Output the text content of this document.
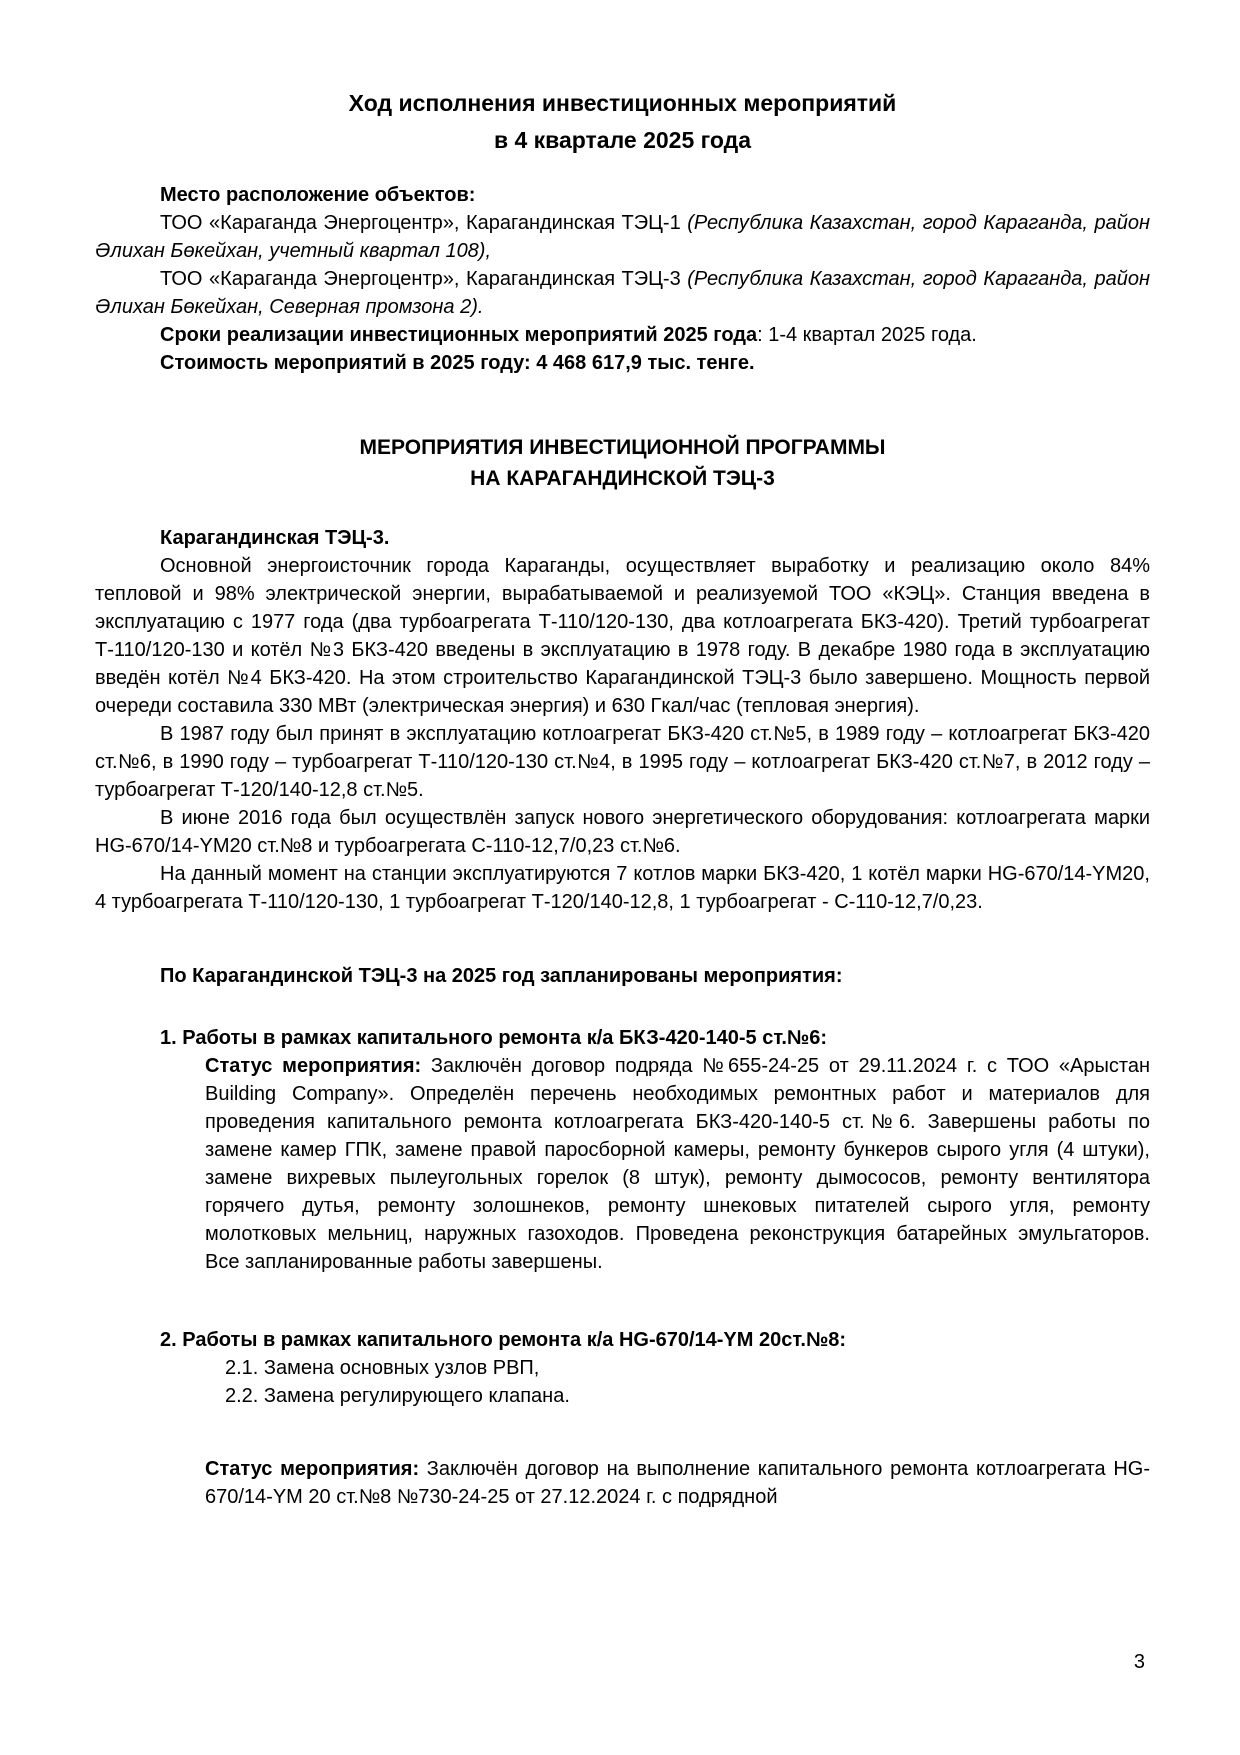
Ход исполнения инвестиционных мероприятий
в 4 квартале 2025 года

Место расположение объектов:

ТОО «Караганда Энергоцентр», Карагандинская ТЭЦ-1 (Республика Казахстан, город Караганда, район Әлихан Бөкейхан, учетный квартал 108),

ТОО «Караганда Энергоцентр», Карагандинская ТЭЦ-3 (Республика Казахстан, город Караганда, район Әлихан Бөкейхан, Северная промзона 2).

Сроки реализации инвестиционных мероприятий 2025 года: 1-4 квартал 2025 года.

Стоимость мероприятий в 2025 году: 4 468 617,9 тыс. тенге.

МЕРОПРИЯТИЯ ИНВЕСТИЦИОННОЙ ПРОГРАММЫ
НА КАРАГАНДИНСКОЙ ТЭЦ-3

Карагандинская ТЭЦ-3.

Основной энергоисточник города Караганды, осуществляет выработку и реализацию около 84% тепловой и 98% электрической энергии, вырабатываемой и реализуемой ТОО «КЭЦ». Станция введена в эксплуатацию с 1977 года (два турбоагрегата Т-110/120-130, два котлоагрегата БКЗ-420). Третий турбоагрегат Т-110/120-130 и котёл №3 БКЗ-420 введены в эксплуатацию в 1978 году. В декабре 1980 года в эксплуатацию введён котёл №4 БКЗ-420. На этом строительство Карагандинской ТЭЦ-3 было завершено. Мощность первой очереди составила 330 МВт (электрическая энергия) и 630 Гкал/час (тепловая энергия).

В 1987 году был принят в эксплуатацию котлоагрегат БКЗ-420 ст.№5, в 1989 году – котлоагрегат БКЗ-420 ст.№6, в 1990 году – турбоагрегат Т-110/120-130 ст.№4, в 1995 году – котлоагрегат БКЗ-420 ст.№7, в 2012 году – турбоагрегат Т-120/140-12,8 ст.№5.

В июне 2016 года был осуществлён запуск нового энергетического оборудования: котлоагрегата марки HG-670/14-YM20 ст.№8 и турбоагрегата С-110-12,7/0,23 ст.№6.

На данный момент на станции эксплуатируются 7 котлов марки БКЗ-420, 1 котёл марки HG-670/14-YM20, 4 турбоагрегата Т-110/120-130, 1 турбоагрегат Т-120/140-12,8, 1 турбоагрегат - С-110-12,7/0,23.

По Карагандинской ТЭЦ-3 на 2025 год запланированы мероприятия:

1. Работы в рамках капитального ремонта к/а БКЗ-420-140-5 ст.№6:

Статус мероприятия: Заключён договор подряда №655-24-25 от 29.11.2024 г. с ТОО «Арыстан Building Company». Определён перечень необходимых ремонтных работ и материалов для проведения капитального ремонта котлоагрегата БКЗ-420-140-5 ст.№6. Завершены работы по замене камер ГПК, замене правой паросборной камеры, ремонту бункеров сырого угля (4 штуки), замене вихревых пылеугольных горелок (8 штук), ремонту дымососов, ремонту вентилятора горячего дутья, ремонту золошнеков, ремонту шнековых питателей сырого угля, ремонту молотковых мельниц, наружных газоходов. Проведена реконструкция батарейных эмульгаторов. Все запланированные работы завершены.

2. Работы в рамках капитального ремонта к/а HG-670/14-YM 20ст.№8:

2.1. Замена основных узлов РВП,

2.2. Замена регулирующего клапана.

Статус мероприятия: Заключён договор на выполнение капитального ремонта котлоагрегата HG-670/14-YM 20 ст.№8 №730-24-25 от 27.12.2024 г. с подрядной

3
